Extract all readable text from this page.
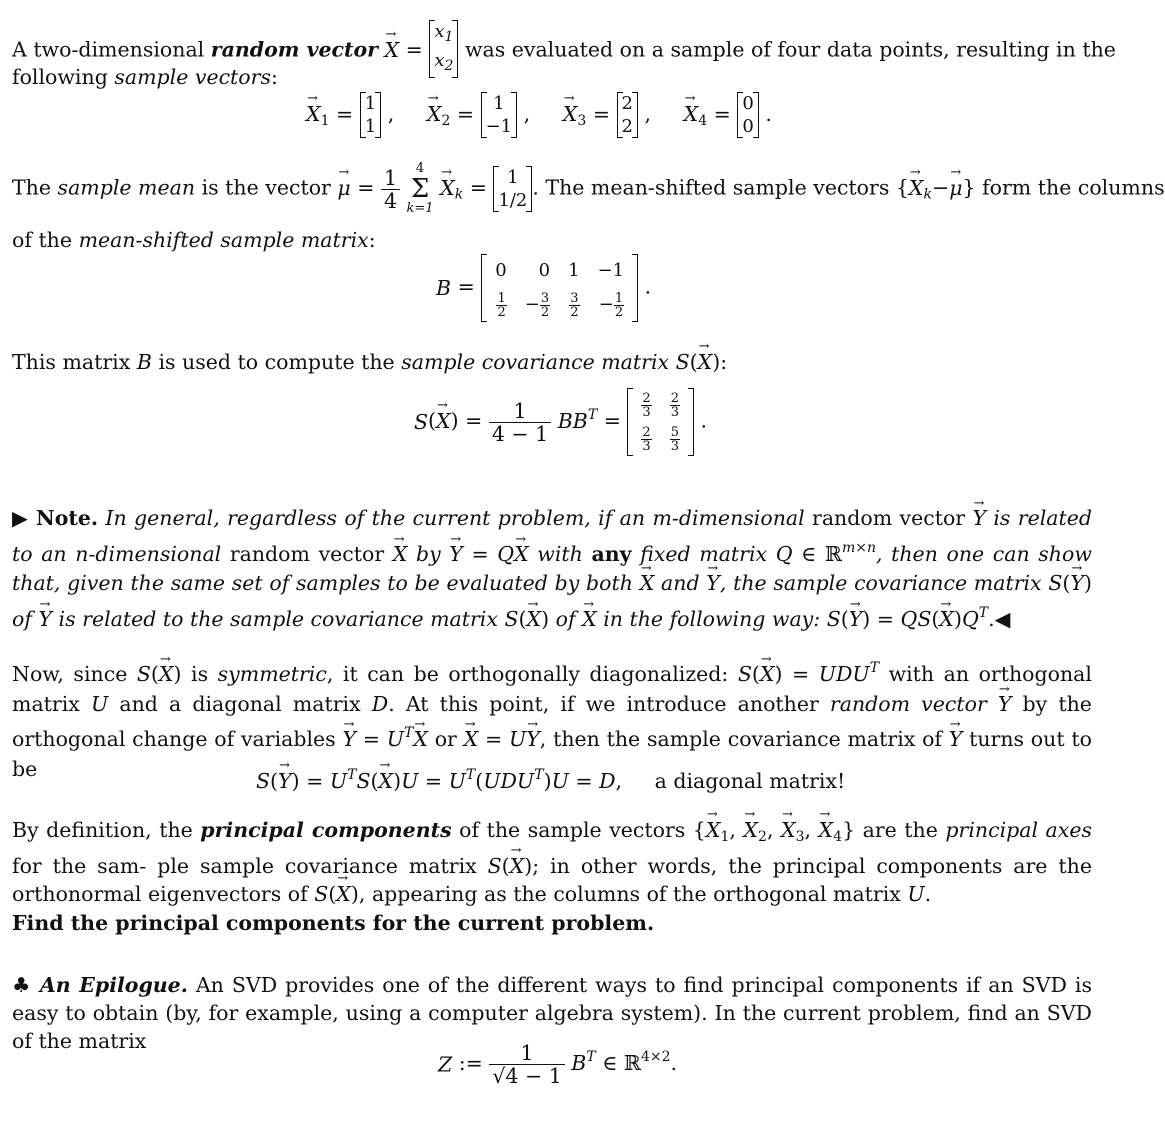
A two-dimensional random vector → X =
$x_1$
$x_2$
was evaluated on a sample of four data points, resulting in the
following sample vectors:
→ $X_1 = 1$
1
, → $X_2 = 1$
−1
, → $X_3 = 2$
2
, → $X_4 = 0$
0
.
The sample mean is the vector → $\mu = \frac{1}{4}$
	4
Σ
k=1
→ $X_k = 1$
1/2
. The mean-shifted sample vectors {→ $X_k-\to \mu$} form the columns
of the mean-shifted sample matrix:
B =
0	0	1	−1

$\frac{1}{2}$	− $\frac{3}{2}$	$\frac{3}{2}$	− $\frac{1}{2}$
.
This matrix B is used to compute the sample covariance matrix S(→ X):
$S(\to X) = \frac{1}{4 - 1} BB^T$ =
$\frac{2}{3}$	$\frac{2}{3}$

$\frac{2}{3}$	$\frac{5}{3}$
.
▶ Note. In general, regardless of the current problem, if an m-dimensional random vector → Y is related to an n-dimensional random vector → X by → Y = Q→ X with any fixed matrix Q ∈ ℝ$^{m\times n}$, then one can show that, given the same set of samples to be evaluated by both → X and → Y, the sample covariance matrix S(→ Y) of → Y is related to the sample covariance matrix S(→ X) of → X in the following way: $S(\to Y) = QS(\to X)Q^T.◀$
Now, since S(→ X) is symmetric, it can be orthogonally diagonalized: $S(\to X) = UDU^T$ with an orthogonal matrix U and a diagonal matrix D. At this point, if we introduce another random vector → Y by the orthogonal change of variables → $Y = U^T\to X$ or → X = U→ Y, then the sample covariance matrix of → Y turns out to be
$S(\to Y) = U^TS(\to X)U = U^T(UDU^T)U = D$,     a diagonal matrix!
By definition, the principal components of the sample vectors {→ $X_1$, → $X_2$, → $X_3$, → $X_4$} are the principal axes for the sam- ple sample covariance matrix S(→ X); in other words, the principal components are the orthonormal eigenvectors of S(→ X), appearing as the columns of the orthogonal matrix U.
Find the principal components for the current problem.
♣ An Epilogue. An SVD provides one of the different ways to find principal components if an SVD is easy to obtain (by, for example, using a computer algebra system). In the current problem, find an SVD of the matrix
Z := $\frac{1}{√4 - 1} B^T$ ∈ ℝ$^{4\times 2}$.
